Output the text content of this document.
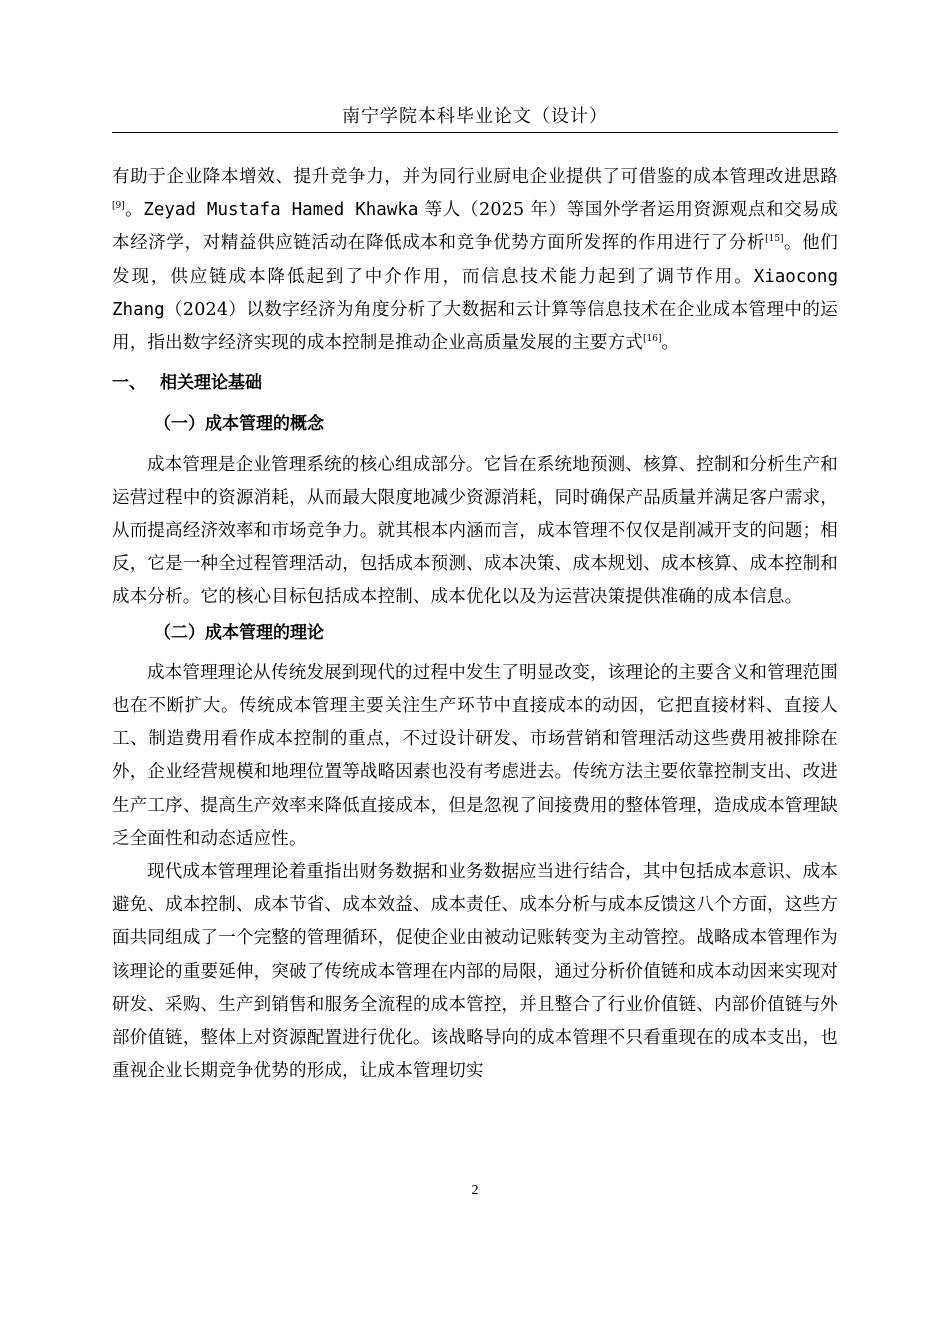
南宁学院本科毕业论文（设计）

有助于企业降本增效、提升竞争力，并为同行业厨电企业提供了可借鉴的成本管理改进思路[9]。Zeyad Mustafa Hamed Khawka 等人（2025 年）等国外学者运用资源观点和交易成本经济学，对精益供应链活动在降低成本和竞争优势方面所发挥的作用进行了分析[15]。他们发现，供应链成本降低起到了中介作用，而信息技术能力起到了调节作用。Xiaocong Zhang（2024）以数字经济为角度分析了大数据和云计算等信息技术在企业成本管理中的运用，指出数字经济实现的成本控制是推动企业高质量发展的主要方式[16]。

一、 相关理论基础
（一）成本管理的概念

成本管理是企业管理系统的核心组成部分。它旨在系统地预测、核算、控制和分析生产和运营过程中的资源消耗，从而最大限度地减少资源消耗，同时确保产品质量并满足客户需求，从而提高经济效率和市场竞争力。就其根本内涵而言，成本管理不仅仅是削减开支的问题；相反，它是一种全过程管理活动，包括成本预测、成本决策、成本规划、成本核算、成本控制和成本分析。它的核心目标包括成本控制、成本优化以及为运营决策提供准确的成本信息。

（二）成本管理的理论

成本管理理论从传统发展到现代的过程中发生了明显改变，该理论的主要含义和管理范围也在不断扩大。传统成本管理主要关注生产环节中直接成本的动因，它把直接材料、直接人工、制造费用看作成本控制的重点，不过设计研发、市场营销和管理活动这些费用被排除在外，企业经营规模和地理位置等战略因素也没有考虑进去。传统方法主要依靠控制支出、改进生产工序、提高生产效率来降低直接成本，但是忽视了间接费用的整体管理，造成成本管理缺乏全面性和动态适应性。

现代成本管理理论着重指出财务数据和业务数据应当进行结合，其中包括成本意识、成本避免、成本控制、成本节省、成本效益、成本责任、成本分析与成本反馈这八个方面，这些方面共同组成了一个完整的管理循环，促使企业由被动记账转变为主动管控。战略成本管理作为该理论的重要延伸，突破了传统成本管理在内部的局限，通过分析价值链和成本动因来实现对研发、采购、生产到销售和服务全流程的成本管控，并且整合了行业价值链、内部价值链与外部价值链，整体上对资源配置进行优化。该战略导向的成本管理不只看重现在的成本支出，也重视企业长期竞争优势的形成，让成本管理切实

2
